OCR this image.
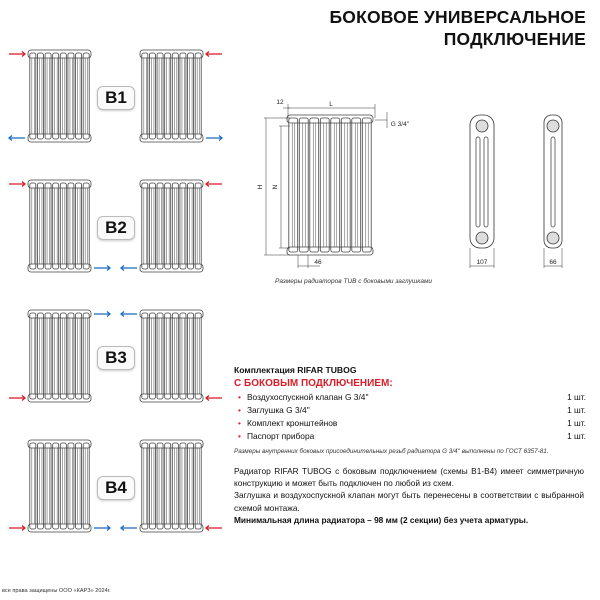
БОКОВОЕ УНИВЕРСАЛЬНОЕ
ПОДКЛЮЧЕНИЕ
L
12
H N
46
G 3/4''
107	66
B1
B2
B3
B4
Размеры радиаторов TUB с боковыми заглушками
Комплектация RIFAR TUBOG
С БОКОВЫМ ПОДКЛЮЧЕНИЕМ:
• Воздухоспускной клапан G 3/4''	1 шт.
• Заглушка G 3/4''	1 шт.
• Комплект кронштейнов	1 шт.
• Паспорт прибора	1 шт.
Размеры внутренних боковых присоединительных резьб радиатора G 3/4'' выполнены по ГОСТ 6357-81.
Радиатор RIFAR TUBOG с боковым подключением (схемы B1-B4) имеет симметричную конструкцию и может быть подключен по любой из схем.
Заглушка и воздухоспускной клапан могут быть перенесены в соответствии с выбранной схемой монтажа.
Минимальная длина радиатора – 98 мм (2 секции) без учета арматуры.
все права защищены ООО «КАРЗ» 2024г.
